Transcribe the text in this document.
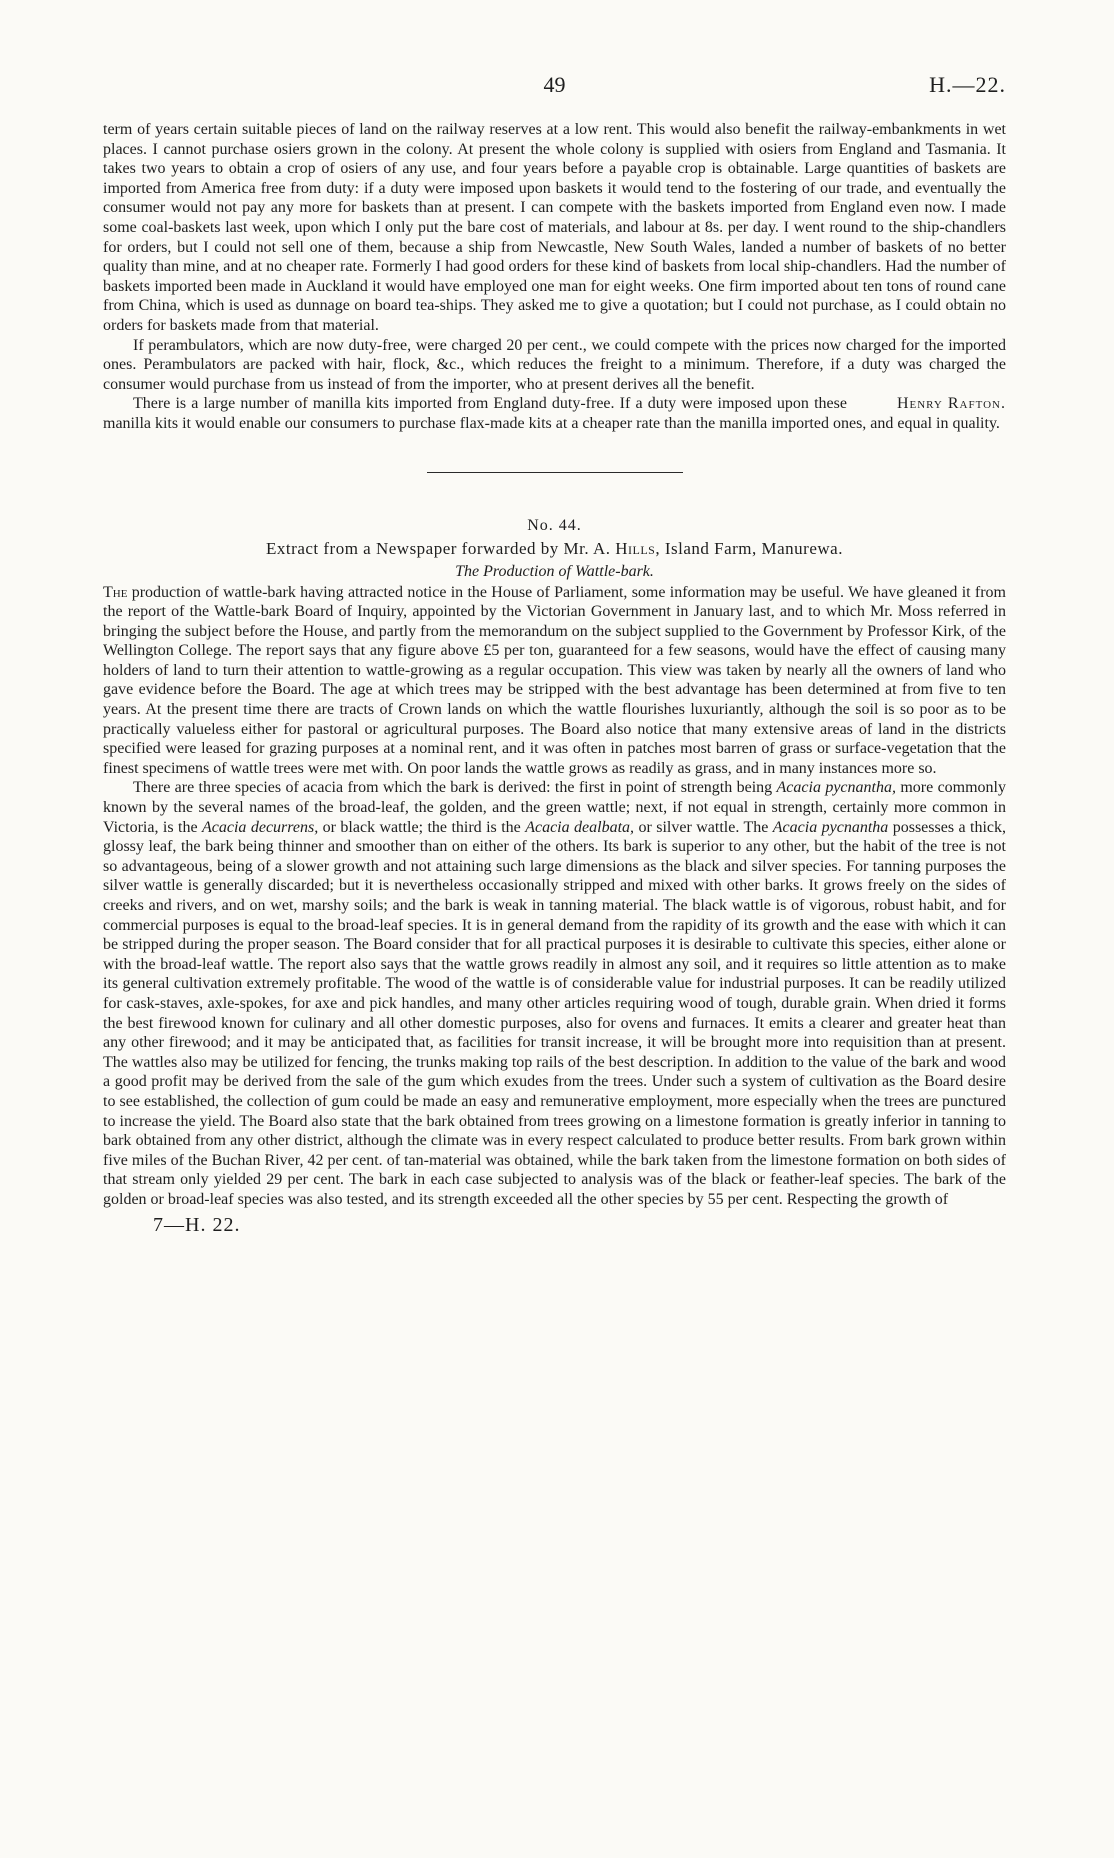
49	H.—22.

term of years certain suitable pieces of land on the railway reserves at a low rent. This would also benefit the railway-embankments in wet places. I cannot purchase osiers grown in the colony. At present the whole colony is supplied with osiers from England and Tasmania. It takes two years to obtain a crop of osiers of any use, and four years before a payable crop is obtainable. Large quantities of baskets are imported from America free from duty: if a duty were imposed upon baskets it would tend to the fostering of our trade, and eventually the consumer would not pay any more for baskets than at present. I can compete with the baskets imported from England even now. I made some coal-baskets last week, upon which I only put the bare cost of materials, and labour at 8s. per day. I went round to the ship-chandlers for orders, but I could not sell one of them, because a ship from Newcastle, New South Wales, landed a number of baskets of no better quality than mine, and at no cheaper rate. Formerly I had good orders for these kind of baskets from local ship-chandlers. Had the number of baskets imported been made in Auckland it would have employed one man for eight weeks. One firm imported about ten tons of round cane from China, which is used as dunnage on board tea-ships. They asked me to give a quotation; but I could not purchase, as I could obtain no orders for baskets made from that material.

If perambulators, which are now duty-free, were charged 20 per cent., we could compete with the prices now charged for the imported ones. Perambulators are packed with hair, flock, &c., which reduces the freight to a minimum. Therefore, if a duty was charged the consumer would purchase from us instead of from the importer, who at present derives all the benefit.

Henry Rafton.
There is a large number of manilla kits imported from England duty-free. If a duty were imposed upon these manilla kits it would enable our consumers to purchase flax-made kits at a cheaper rate than the manilla imported ones, and equal in quality.

No. 44.
Extract from a Newspaper forwarded by Mr. A. Hills, Island Farm, Manurewa.
The Production of Wattle-bark.

The production of wattle-bark having attracted notice in the House of Parliament, some information may be useful. We have gleaned it from the report of the Wattle-bark Board of Inquiry, appointed by the Victorian Government in January last, and to which Mr. Moss referred in bringing the subject before the House, and partly from the memorandum on the subject supplied to the Government by Professor Kirk, of the Wellington College. The report says that any figure above £5 per ton, guaranteed for a few seasons, would have the effect of causing many holders of land to turn their attention to wattle-growing as a regular occupation. This view was taken by nearly all the owners of land who gave evidence before the Board. The age at which trees may be stripped with the best advantage has been determined at from five to ten years. At the present time there are tracts of Crown lands on which the wattle flourishes luxuriantly, although the soil is so poor as to be practically valueless either for pastoral or agricultural purposes. The Board also notice that many extensive areas of land in the districts specified were leased for grazing purposes at a nominal rent, and it was often in patches most barren of grass or surface-vegetation that the finest specimens of wattle trees were met with. On poor lands the wattle grows as readily as grass, and in many instances more so.

There are three species of acacia from which the bark is derived: the first in point of strength being Acacia pycnantha, more commonly known by the several names of the broad-leaf, the golden, and the green wattle; next, if not equal in strength, certainly more common in Victoria, is the Acacia decurrens, or black wattle; the third is the Acacia dealbata, or silver wattle. The Acacia pycnantha possesses a thick, glossy leaf, the bark being thinner and smoother than on either of the others. Its bark is superior to any other, but the habit of the tree is not so advantageous, being of a slower growth and not attaining such large dimensions as the black and silver species. For tanning purposes the silver wattle is generally discarded; but it is nevertheless occasionally stripped and mixed with other barks. It grows freely on the sides of creeks and rivers, and on wet, marshy soils; and the bark is weak in tanning material. The black wattle is of vigorous, robust habit, and for commercial purposes is equal to the broad-leaf species. It is in general demand from the rapidity of its growth and the ease with which it can be stripped during the proper season. The Board consider that for all practical purposes it is desirable to cultivate this species, either alone or with the broad-leaf wattle. The report also says that the wattle grows readily in almost any soil, and it requires so little attention as to make its general cultivation extremely profitable. The wood of the wattle is of considerable value for industrial purposes. It can be readily utilized for cask-staves, axle-spokes, for axe and pick handles, and many other articles requiring wood of tough, durable grain. When dried it forms the best firewood known for culinary and all other domestic purposes, also for ovens and furnaces. It emits a clearer and greater heat than any other firewood; and it may be anticipated that, as facilities for transit increase, it will be brought more into requisition than at present. The wattles also may be utilized for fencing, the trunks making top rails of the best description. In addition to the value of the bark and wood a good profit may be derived from the sale of the gum which exudes from the trees. Under such a system of cultivation as the Board desire to see established, the collection of gum could be made an easy and remunerative employment, more especially when the trees are punctured to increase the yield. The Board also state that the bark obtained from trees growing on a limestone formation is greatly inferior in tanning to bark obtained from any other district, although the climate was in every respect calculated to produce better results. From bark grown within five miles of the Buchan River, 42 per cent. of tan-material was obtained, while the bark taken from the limestone formation on both sides of that stream only yielded 29 per cent. The bark in each case subjected to analysis was of the black or feather-leaf species. The bark of the golden or broad-leaf species was also tested, and its strength exceeded all the other species by 55 per cent. Respecting the growth of

7—H. 22.
